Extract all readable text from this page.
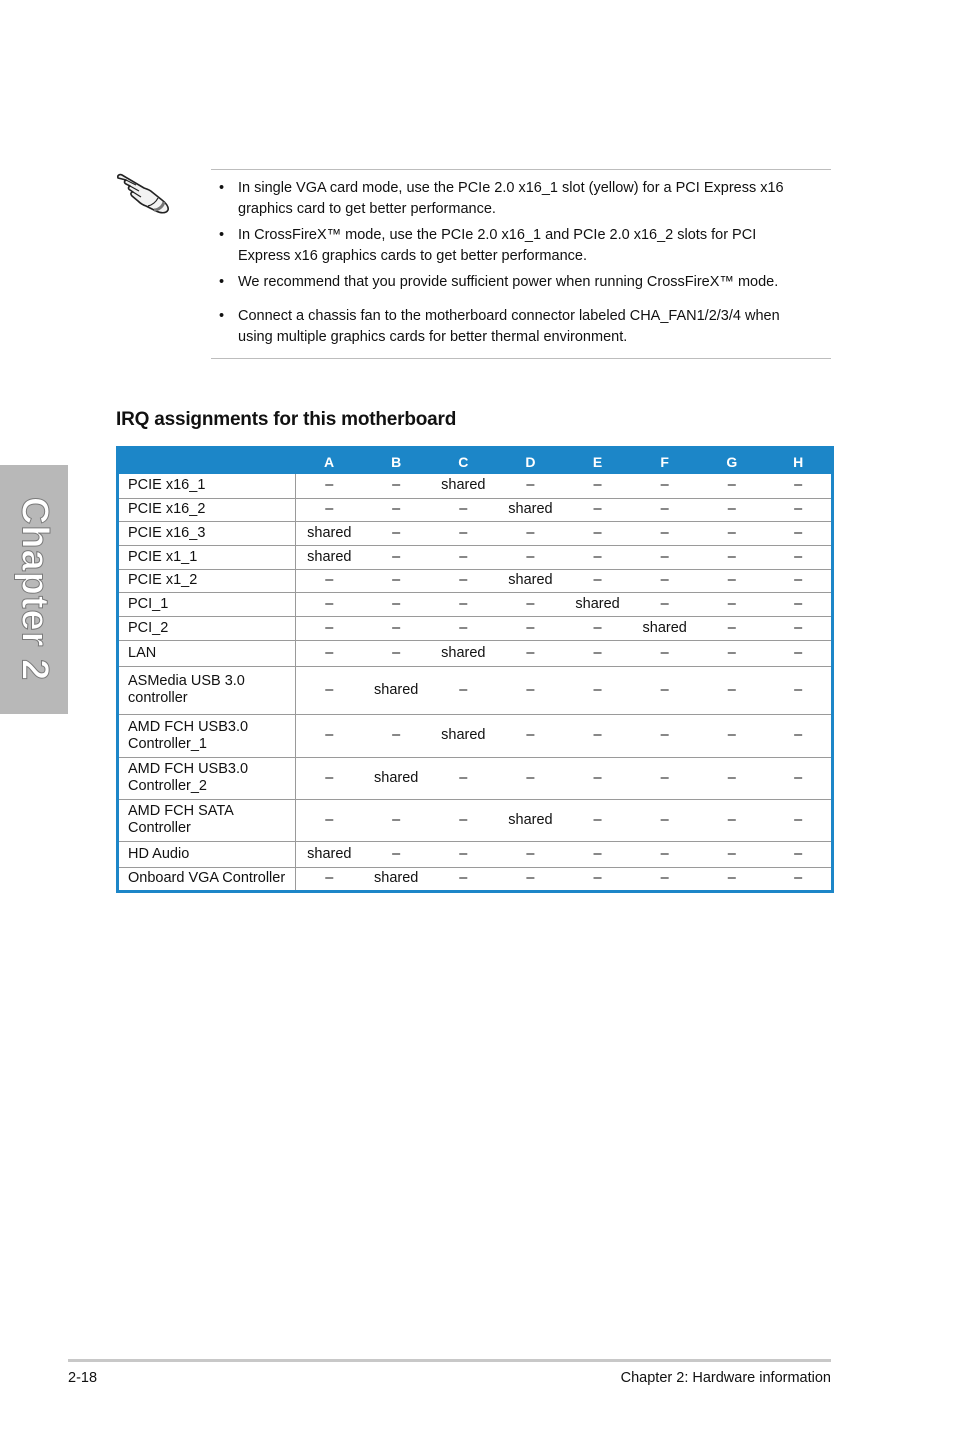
Chapter 2
• In single VGA card mode, use the PCIe 2.0 x16_1 slot (yellow) for a PCI Express x16 graphics card to get better performance.
• In CrossFireX™ mode, use the PCIe 2.0 x16_1 and PCIe 2.0 x16_2 slots for PCI Express x16 graphics cards to get better performance.
• We recommend that you provide sufficient power when running CrossFireX™ mode.
• Connect a chassis fan to the motherboard connector labeled CHA_FAN1/2/3/4 when using multiple graphics cards for better thermal environment.
IRQ assignments for this motherboard
	A	B	C	D	E	F	G	H
PCIE x16_1	–	–	shared	–	–	–	–	–
PCIE x16_2	–	–	–	shared	–	–	–	–
PCIE x16_3	shared	–	–	–	–	–	–	–
PCIE x1_1	shared	–	–	–	–	–	–	–
PCIE x1_2	–	–	–	shared	–	–	–	–
PCI_1	–	–	–	–	shared	–	–	–
PCI_2	–	–	–	–	–	shared	–	–
LAN	–	–	shared	–	–	–	–	–
ASMedia USB 3.0 controller	–	shared	–	–	–	–	–	–
AMD FCH USB3.0 Controller_1	–	–	shared	–	–	–	–	–
AMD FCH USB3.0 Controller_2	–	shared	–	–	–	–	–	–
AMD FCH SATA Controller	–	–	–	shared	–	–	–	–
HD Audio	shared	–	–	–	–	–	–	–
Onboard VGA Controller	–	shared	–	–	–	–	–	–
2-18	Chapter 2: Hardware information
